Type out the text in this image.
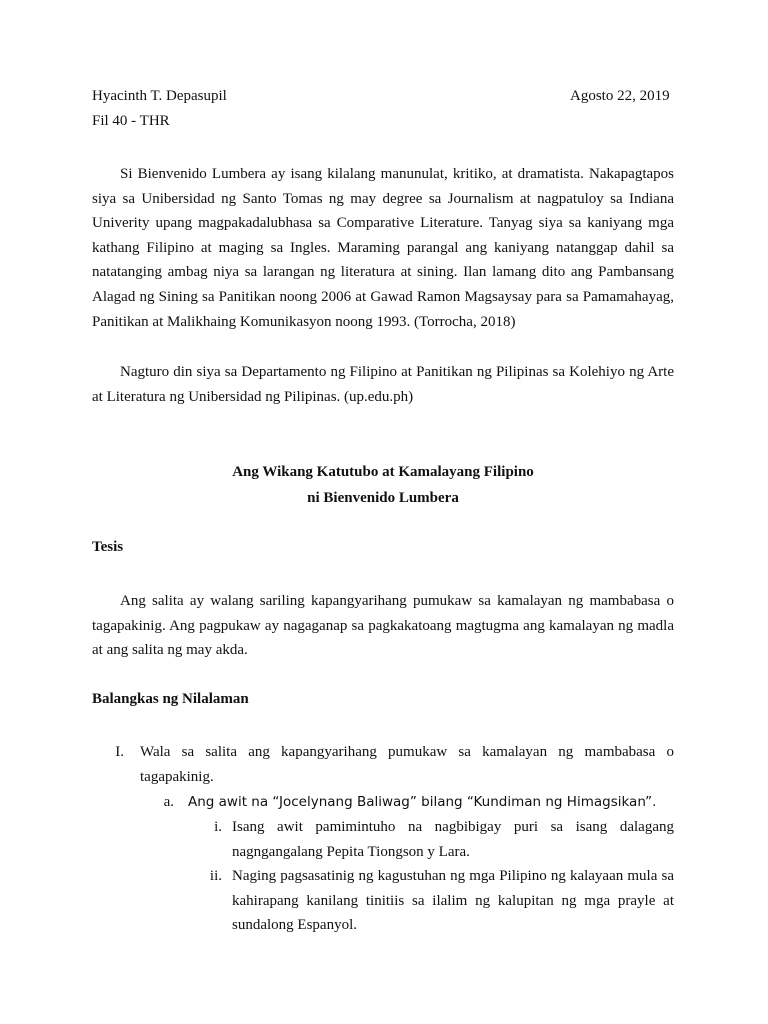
Hyacinth T. Depasupil	Agosto 22, 2019
Fil 40 - THR
Si Bienvenido Lumbera ay isang kilalang manunulat, kritiko, at dramatista. Nakapagtapos siya sa Unibersidad ng Santo Tomas ng may degree sa Journalism at nagpatuloy sa Indiana Univerity upang magpakadalubhasa sa Comparative Literature. Tanyag siya sa kaniyang mga kathang Filipino at maging sa Ingles. Maraming parangal ang kaniyang natanggap dahil sa natatanging ambag niya sa larangan ng literatura at sining. Ilan lamang dito ang Pambansang Alagad ng Sining sa Panitikan noong 2006 at Gawad Ramon Magsaysay para sa Pamamahayag, Panitikan at Malikhaing Komunikasyon noong 1993. (Torrocha, 2018)
Nagturo din siya sa Departamento ng Filipino at Panitikan ng Pilipinas sa Kolehiyo ng Arte at Literatura ng Unibersidad ng Pilipinas. (up.edu.ph)
Ang Wikang Katutubo at Kamalayang Filipino
ni Bienvenido Lumbera
Tesis
Ang salita ay walang sariling kapangyarihang pumukaw sa kamalayan ng mambabasa o tagapakinig. Ang pagpukaw ay nagaganap sa pagkakatoang magtugma ang kamalayan ng madla at ang salita ng may akda.
Balangkas ng Nilalaman
I. Wala sa salita ang kapangyarihang pumukaw sa kamalayan ng mambabasa o tagapakinig.
a. Ang awit na “Jocelynang Baliwag” bilang “Kundiman ng Himagsikan”.
i. Isang awit pamimintuho na nagbibigay puri sa isang dalagang nagngangalang Pepita Tiongson y Lara.
ii. Naging pagsasatinig ng kagustuhan ng mga Pilipino ng kalayaan mula sa kahirapang kanilang tinitiis sa ilalim ng kalupitan ng mga prayle at sundalong Espanyol.
